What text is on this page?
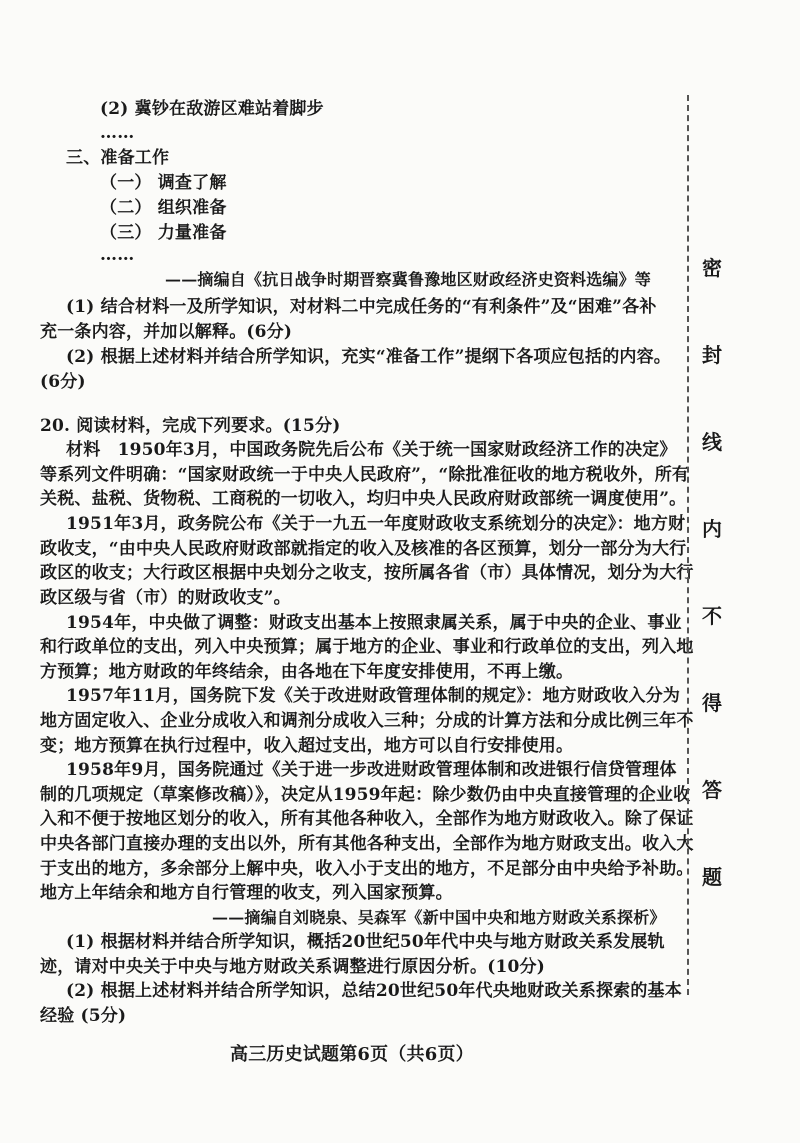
(2) 冀钞在敌游区难站着脚步
……
三、准备工作
（一） 调查了解
（二） 组织准备
（三） 力量准备
……
——摘编自《抗日战争时期晋察冀鲁豫地区财政经济史资料选编》等
(1) 结合材料一及所学知识，对材料二中完成任务的“有利条件”及“困难”各补
充一条内容，并加以解释。(6分)
(2) 根据上述材料并结合所学知识，充实“准备工作”提纲下各项应包括的内容。
(6分)
20. 阅读材料，完成下列要求。(15分)
材料　1950年3月，中国政务院先后公布《关于统一国家财政经济工作的决定》
等系列文件明确：“国家财政统一于中央人民政府”，“除批准征收的地方税收外，所有
关税、盐税、货物税、工商税的一切收入，均归中央人民政府财政部统一调度使用”。
1951年3月，政务院公布《关于一九五一年度财政收支系统划分的决定》：地方财
政收支，“由中央人民政府财政部就指定的收入及核准的各区预算，划分一部分为大行
政区的收支；大行政区根据中央划分之收支，按所属各省（市）具体情况，划分为大行
政区级与省（市）的财政收支”。
1954年，中央做了调整：财政支出基本上按照隶属关系，属于中央的企业、事业
和行政单位的支出，列入中央预算；属于地方的企业、事业和行政单位的支出，列入地
方预算；地方财政的年终结余，由各地在下年度安排使用，不再上缴。
1957年11月，国务院下发《关于改进财政管理体制的规定》：地方财政收入分为
地方固定收入、企业分成收入和调剂分成收入三种；分成的计算方法和分成比例三年不
变；地方预算在执行过程中，收入超过支出，地方可以自行安排使用。
1958年9月，国务院通过《关于进一步改进财政管理体制和改进银行信贷管理体
制的几项规定（草案修改稿）》，决定从1959年起：除少数仍由中央直接管理的企业收
入和不便于按地区划分的收入，所有其他各种收入，全部作为地方财政收入。除了保证
中央各部门直接办理的支出以外，所有其他各种支出，全部作为地方财政支出。收入大
于支出的地方，多余部分上解中央，收入小于支出的地方，不足部分由中央给予补助。
地方上年结余和地方自行管理的收支，列入国家预算。
——摘编自刘晓泉、吴森军《新中国中央和地方财政关系探析》
(1) 根据材料并结合所学知识，概括20世纪50年代中央与地方财政关系发展轨
迹，请对中央关于中央与地方财政关系调整进行原因分析。(10分)
(2) 根据上述材料并结合所学知识，总结20世纪50年代央地财政关系探索的基本
经验 (5分)
高三历史试题第6页（共6页）
密
封
线
内
不
得
答
题
